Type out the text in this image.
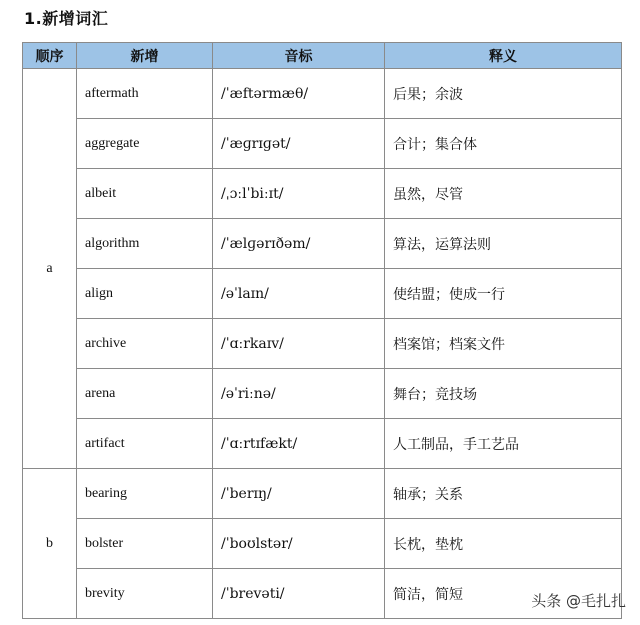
1.新增词汇
顺序	新增	音标	释义
a	aftermath	/ˈæftərmæθ/	后果；余波
	aggregate	/ˈæɡrɪɡət/	合计；集合体
	albeit	/ˌɔːlˈbiːɪt/	虽然，尽管
	algorithm	/ˈælɡərɪðəm/	算法，运算法则
	align	/əˈlaɪn/	使结盟；使成一行
	archive	/ˈɑːrkaɪv/	档案馆；档案文件
	arena	/əˈriːnə/	舞台；竞技场
	artifact	/ˈɑːrtɪfækt/	人工制品，手工艺品
b	bearing	/ˈberɪŋ/	轴承；关系
	bolster	/ˈboʊlstər/	长枕，垫枕
	brevity	/ˈbrevəti/	简洁，简短	头条 @毛扎扎
